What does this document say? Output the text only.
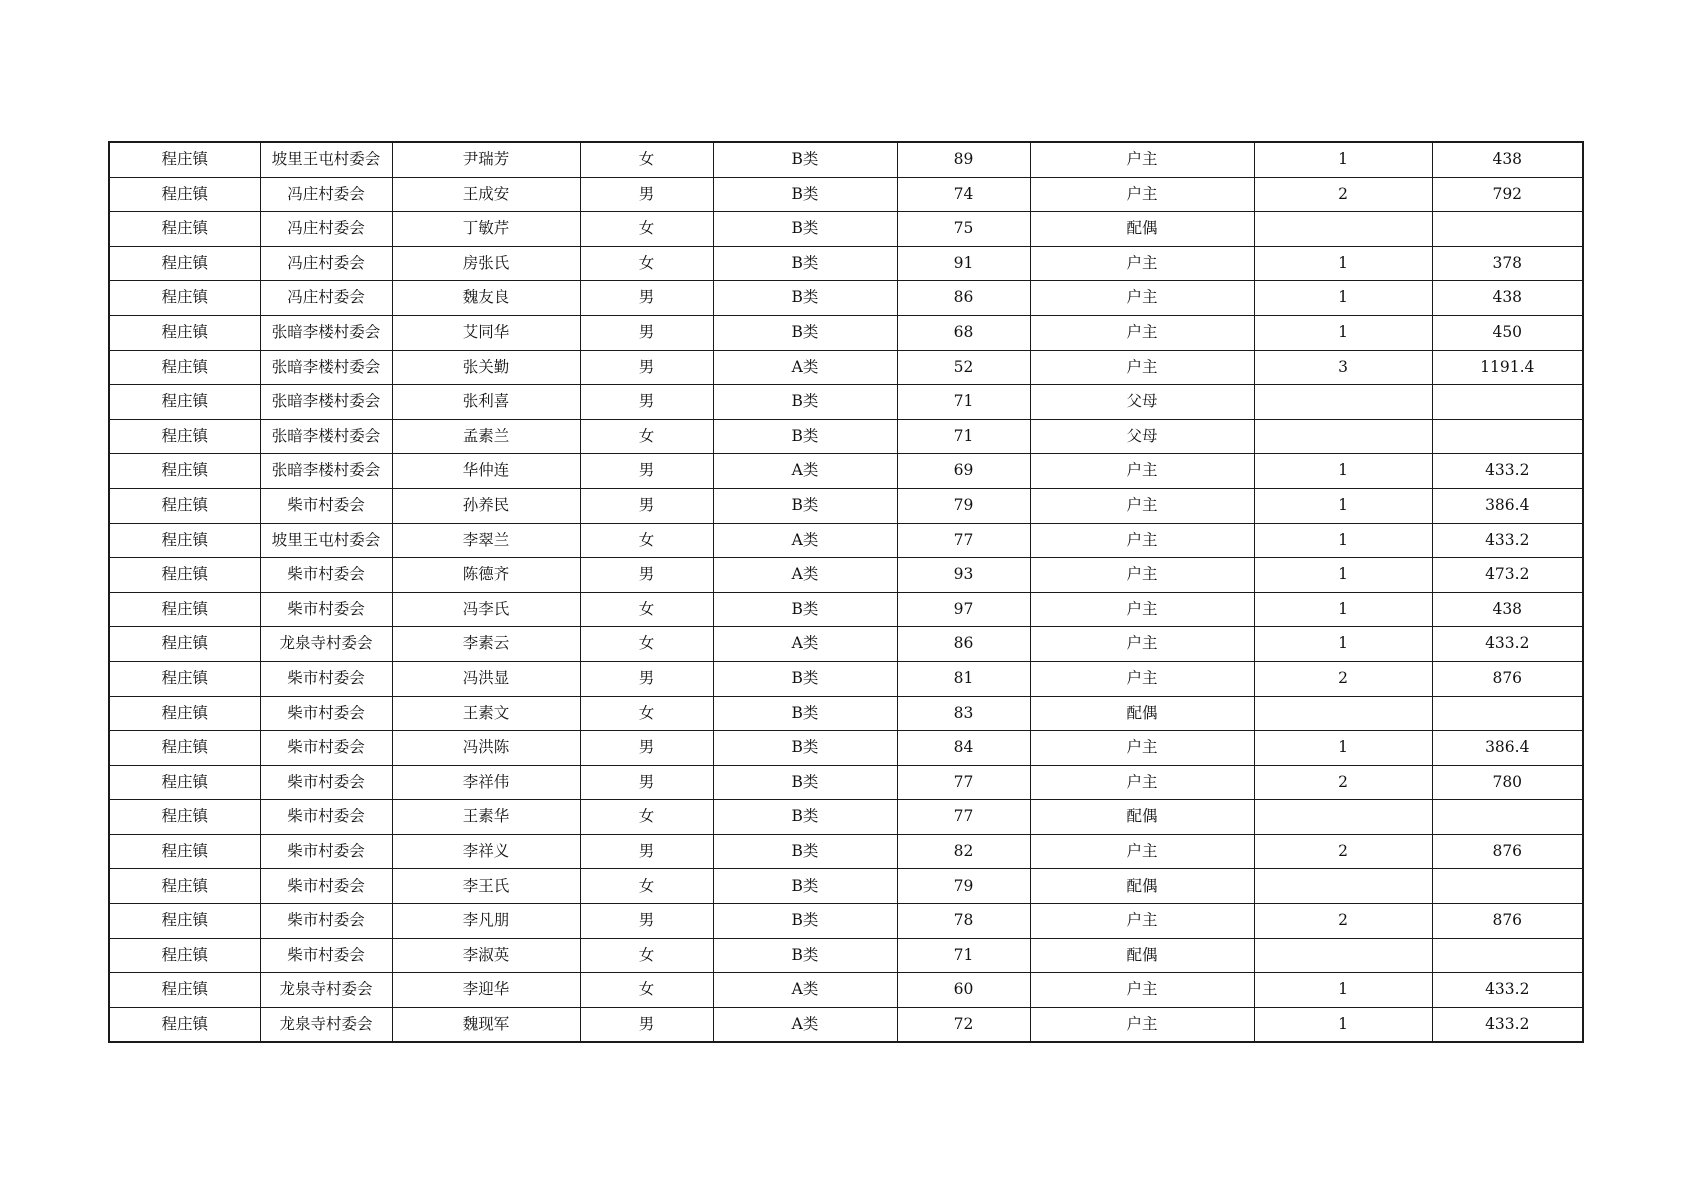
程庄镇	坡里王屯村委会	尹瑞芳	女	B类	89	户主	1	438
程庄镇	冯庄村委会	王成安	男	B类	74	户主	2	792
程庄镇	冯庄村委会	丁敏芹	女	B类	75	配偶		
程庄镇	冯庄村委会	房张氏	女	B类	91	户主	1	378
程庄镇	冯庄村委会	魏友良	男	B类	86	户主	1	438
程庄镇	张暗李楼村委会	艾同华	男	B类	68	户主	1	450
程庄镇	张暗李楼村委会	张关勤	男	A类	52	户主	3	1191.4
程庄镇	张暗李楼村委会	张利喜	男	B类	71	父母		
程庄镇	张暗李楼村委会	孟素兰	女	B类	71	父母		
程庄镇	张暗李楼村委会	华仲连	男	A类	69	户主	1	433.2
程庄镇	柴市村委会	孙养民	男	B类	79	户主	1	386.4
程庄镇	坡里王屯村委会	李翠兰	女	A类	77	户主	1	433.2
程庄镇	柴市村委会	陈德齐	男	A类	93	户主	1	473.2
程庄镇	柴市村委会	冯李氏	女	B类	97	户主	1	438
程庄镇	龙泉寺村委会	李素云	女	A类	86	户主	1	433.2
程庄镇	柴市村委会	冯洪显	男	B类	81	户主	2	876
程庄镇	柴市村委会	王素文	女	B类	83	配偶		
程庄镇	柴市村委会	冯洪陈	男	B类	84	户主	1	386.4
程庄镇	柴市村委会	李祥伟	男	B类	77	户主	2	780
程庄镇	柴市村委会	王素华	女	B类	77	配偶		
程庄镇	柴市村委会	李祥义	男	B类	82	户主	2	876
程庄镇	柴市村委会	李王氏	女	B类	79	配偶		
程庄镇	柴市村委会	李凡朋	男	B类	78	户主	2	876
程庄镇	柴市村委会	李淑英	女	B类	71	配偶		
程庄镇	龙泉寺村委会	李迎华	女	A类	60	户主	1	433.2
程庄镇	龙泉寺村委会	魏现军	男	A类	72	户主	1	433.2
